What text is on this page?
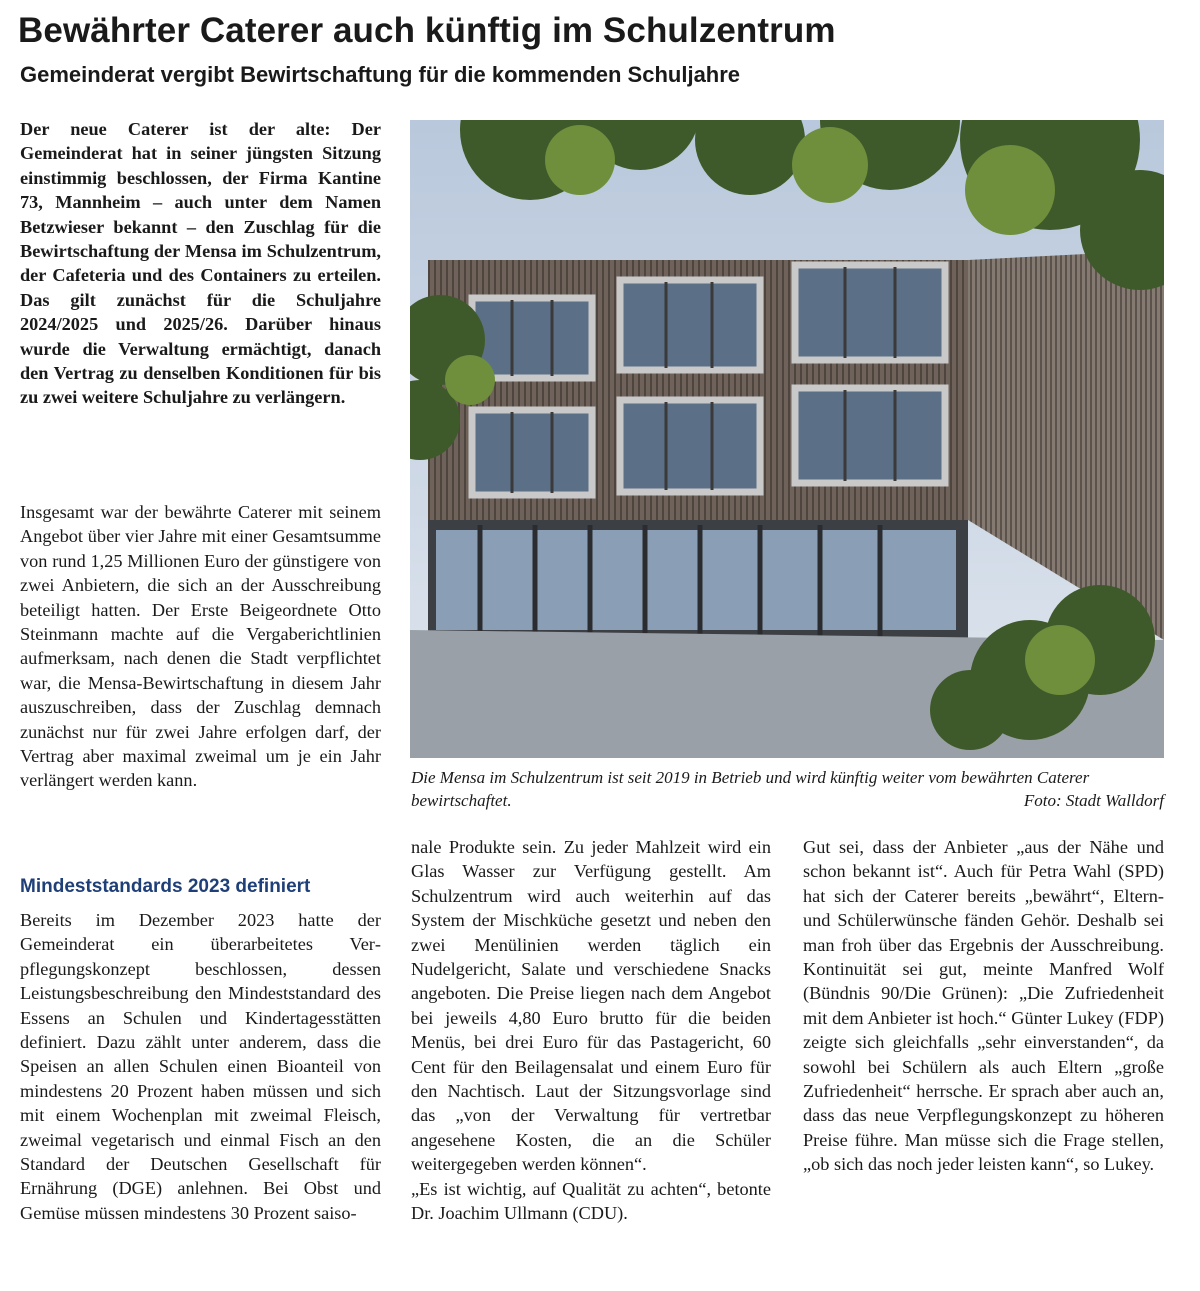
Bewährter Caterer auch künftig im Schulzentrum
Gemeinderat vergibt Bewirtschaftung für die kommenden Schuljahre

Der neue Caterer ist der alte: Der Gemeinderat hat in seiner jüngsten Sitzung einstimmig beschlossen, der Firma Kantine 73, Mannheim – auch unter dem Namen Betzwieser bekannt – den Zuschlag für die Bewirtschaftung der Mensa im Schulzentrum, der Cafeteria und des Containers zu erteilen. Das gilt zunächst für die Schuljahre 2024/2025 und 2025/26. Darüber hinaus wurde die Verwaltung ermächtigt, danach den Vertrag zu denselben Konditionen für bis zu zwei weitere Schuljahre zu verlängern.

Insgesamt war der bewährte Caterer mit seinem Angebot über vier Jahre mit einer Gesamtsumme von rund 1,25 Millionen Euro der günstigere von zwei Anbietern, die sich an der Ausschreibung beteiligt hatten. Der Erste Beigeordnete Otto Steinmann machte auf die Vergaberichtlinien aufmerksam, nach denen die Stadt verpflichtet war, die Mensa-Bewirtschaftung in diesem Jahr auszuschreiben, dass der Zuschlag demnach zunächst nur für zwei Jahre erfolgen darf, der Vertrag aber maximal zweimal um je ein Jahr verlängert werden kann.

Mindeststandards 2023 definiert

Bereits im Dezember 2023 hatte der Gemeinderat ein überarbeitetes Verpflegungskonzept beschlossen, dessen Leistungsbeschreibung den Mindeststandard des Essens an Schulen und Kindertagesstätten definiert. Dazu zählt unter anderem, dass die Speisen an allen Schulen einen Bioanteil von mindestens 20 Prozent haben müssen und sich mit einem Wochenplan mit zweimal Fleisch, zweimal vegetarisch und einmal Fisch an den Standard der Deutschen Gesellschaft für Ernährung (DGE) anlehnen. Bei Obst und Gemüse müssen mindestens 30 Prozent saiso-

nale Produkte sein. Zu jeder Mahlzeit wird ein Glas Wasser zur Verfügung gestellt. Am Schulzentrum wird auch weiterhin auf das System der Mischküche gesetzt und neben den zwei Menülinien werden täglich ein Nudelgericht, Salate und verschiedene Snacks angeboten. Die Preise liegen nach dem Angebot bei jeweils 4,80 Euro brutto für die beiden Menüs, bei drei Euro für das Pastagericht, 60 Cent für den Beilagensalat und einem Euro für den Nachtisch. Laut der Sitzungsvorlage sind das „von der Verwaltung für vertretbar angesehene Kosten, die an die Schüler weitergegeben werden können“.

„Es ist wichtig, auf Qualität zu achten“, betonte Dr. Joachim Ullmann (CDU).

Gut sei, dass der Anbieter „aus der Nähe und schon bekannt ist“. Auch für Petra Wahl (SPD) hat sich der Caterer bereits „bewährt“, Eltern- und Schülerwünsche fänden Gehör. Deshalb sei man froh über das Ergebnis der Ausschreibung. Kontinuität sei gut, meinte Manfred Wolf (Bündnis 90/Die Grünen): „Die Zufriedenheit mit dem Anbieter ist hoch.“ Günter Lukey (FDP) zeigte sich gleichfalls „sehr einverstanden“, da sowohl bei Schülern als auch Eltern „große Zufriedenheit“ herrsche. Er sprach aber auch an, dass das neue Verpflegungskonzept zu höheren Preise führe. Man müsse sich die Frage stellen, „ob sich das noch jeder leisten kann“, so Lukey.

Die Mensa im Schulzentrum ist seit 2019 in Betrieb und wird künftig weiter vom bewährten Caterer bewirtschaftet.	Foto: Stadt Walldorf
